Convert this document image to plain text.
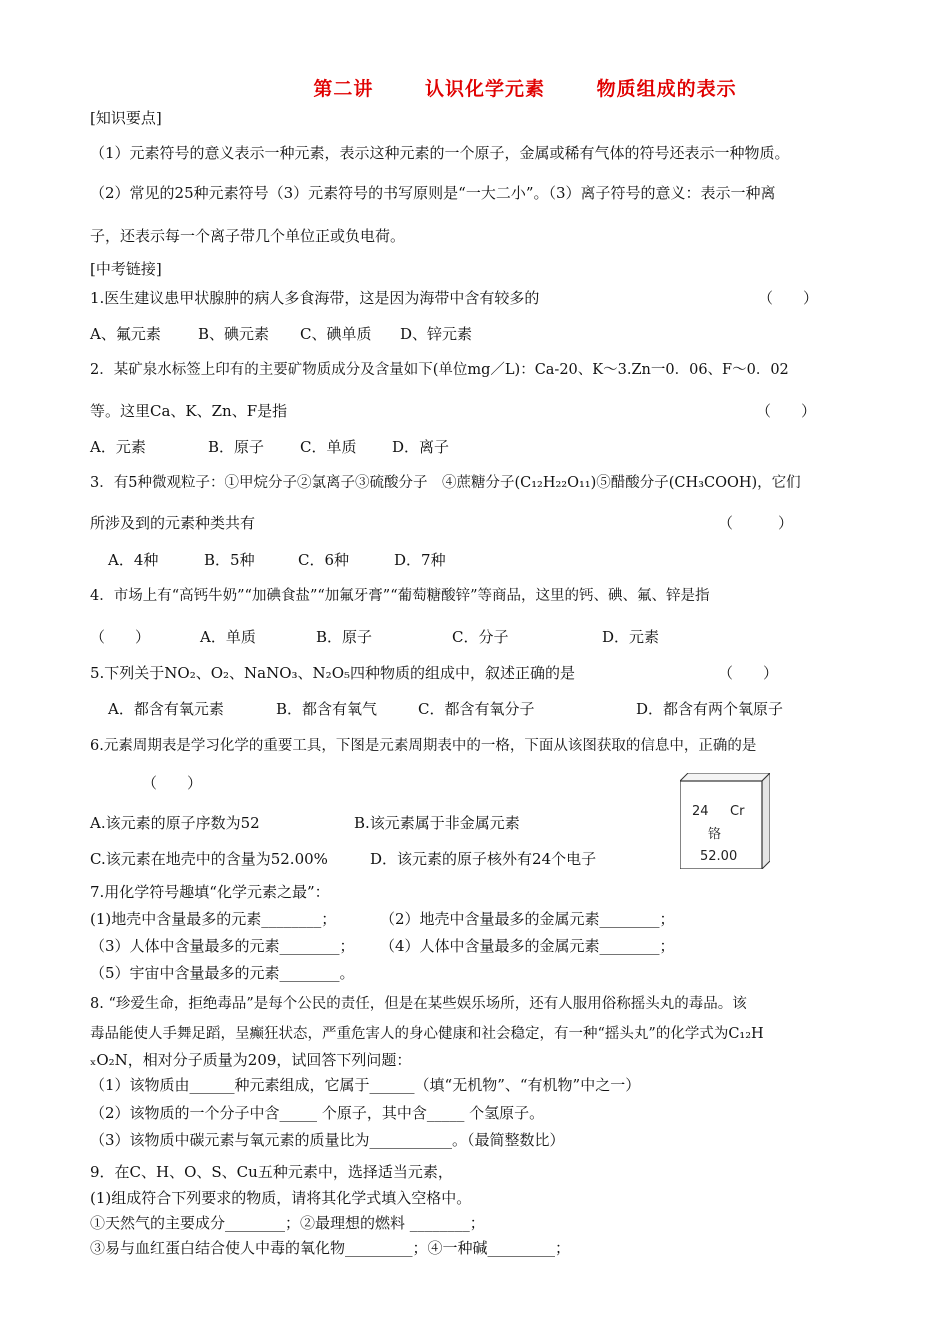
第二讲	认识化学元素	物质组成的表示
[知识要点]
（1）元素符号的意义表示一种元素，表示这种元素的一个原子，金属或稀有气体的符号还表示一种物质。
（2）常见的25种元素符号（3）元素符号的书写原则是“一大二小”。（3）离子符号的意义：表示一种离
子，还表示每一个离子带几个单位正或负电荷。
[中考链接]
1.医生建议患甲状腺肿的病人多食海带，这是因为海带中含有较多的	（　　）
A、氟元素 B、碘元素 C、碘单质 D、锌元素
2．某矿泉水标签上印有的主要矿物质成分及含量如下(单位mg／L)：Ca-20、K～3.Zn一0．06、F～0．02
等。这里Ca、K、Zn、F是指	（　　）
A．元素	B．原子 C．单质 D．离子
3．有5种微观粒子：①甲烷分子②氯离子③硫酸分子　④蔗糖分子(C₁₂H₂₂O₁₁)⑤醋酸分子(CH₃COOH)，它们
所涉及到的元素种类共有	（　　　）
A．4种	B．5种	C．6种	D．7种
4．市场上有“高钙牛奶”“加碘食盐”“加氟牙膏”“葡萄糖酸锌”等商品，这里的钙、碘、氟、锌是指
（　　）	A．单质	B．原子	C．分子	D．元素
5.下列关于NO₂、O₂、NaNO₃、N₂O₅四种物质的组成中，叙述正确的是	（　　）
A．都含有氧元素	B．都含有氧气	C．都含有氧分子	D．都含有两个氧原子
6.元素周期表是学习化学的重要工具，下图是元素周期表中的一格，下面从该图获取的信息中，正确的是
（　　）
A.该元素的原子序数为52	B.该元素属于非金属元素
C.该元素在地壳中的含量为52.00%	D．该元素的原子核外有24个电子
24 Cr
铬
52.00
7.用化学符号趣填“化学元素之最”：
(1)地壳中含量最多的元素________；	（2）地壳中含量最多的金属元素________；
（3）人体中含量最多的元素________； （4）人体中含量最多的金属元素________；
（5）宇宙中含量最多的元素________。
8. “珍爱生命，拒绝毒品”是每个公民的责任，但是在某些娱乐场所，还有人服用俗称摇头丸的毒品。该
毒品能使人手舞足蹈，呈癫狂状态，严重危害人的身心健康和社会稳定，有一种“摇头丸”的化学式为C₁₂H
ₓO₂N，相对分子质量为209，试回答下列问题：
（1）该物质由______种元素组成，它属于______（填“无机物”、“有机物”中之一）
（2）该物质的一个分子中含_____ 个原子，其中含_____ 个氢原子。
（3）该物质中碳元素与氧元素的质量比为___________。（最简整数比）
9．在C、H、O、S、Cu五种元素中，选择适当元素，
(1)组成符合下列要求的物质，请将其化学式填入空格中。
①天然气的主要成分________；②最理想的燃料 ________；
③易与血红蛋白结合使人中毒的氧化物_________；④一种碱_________；
